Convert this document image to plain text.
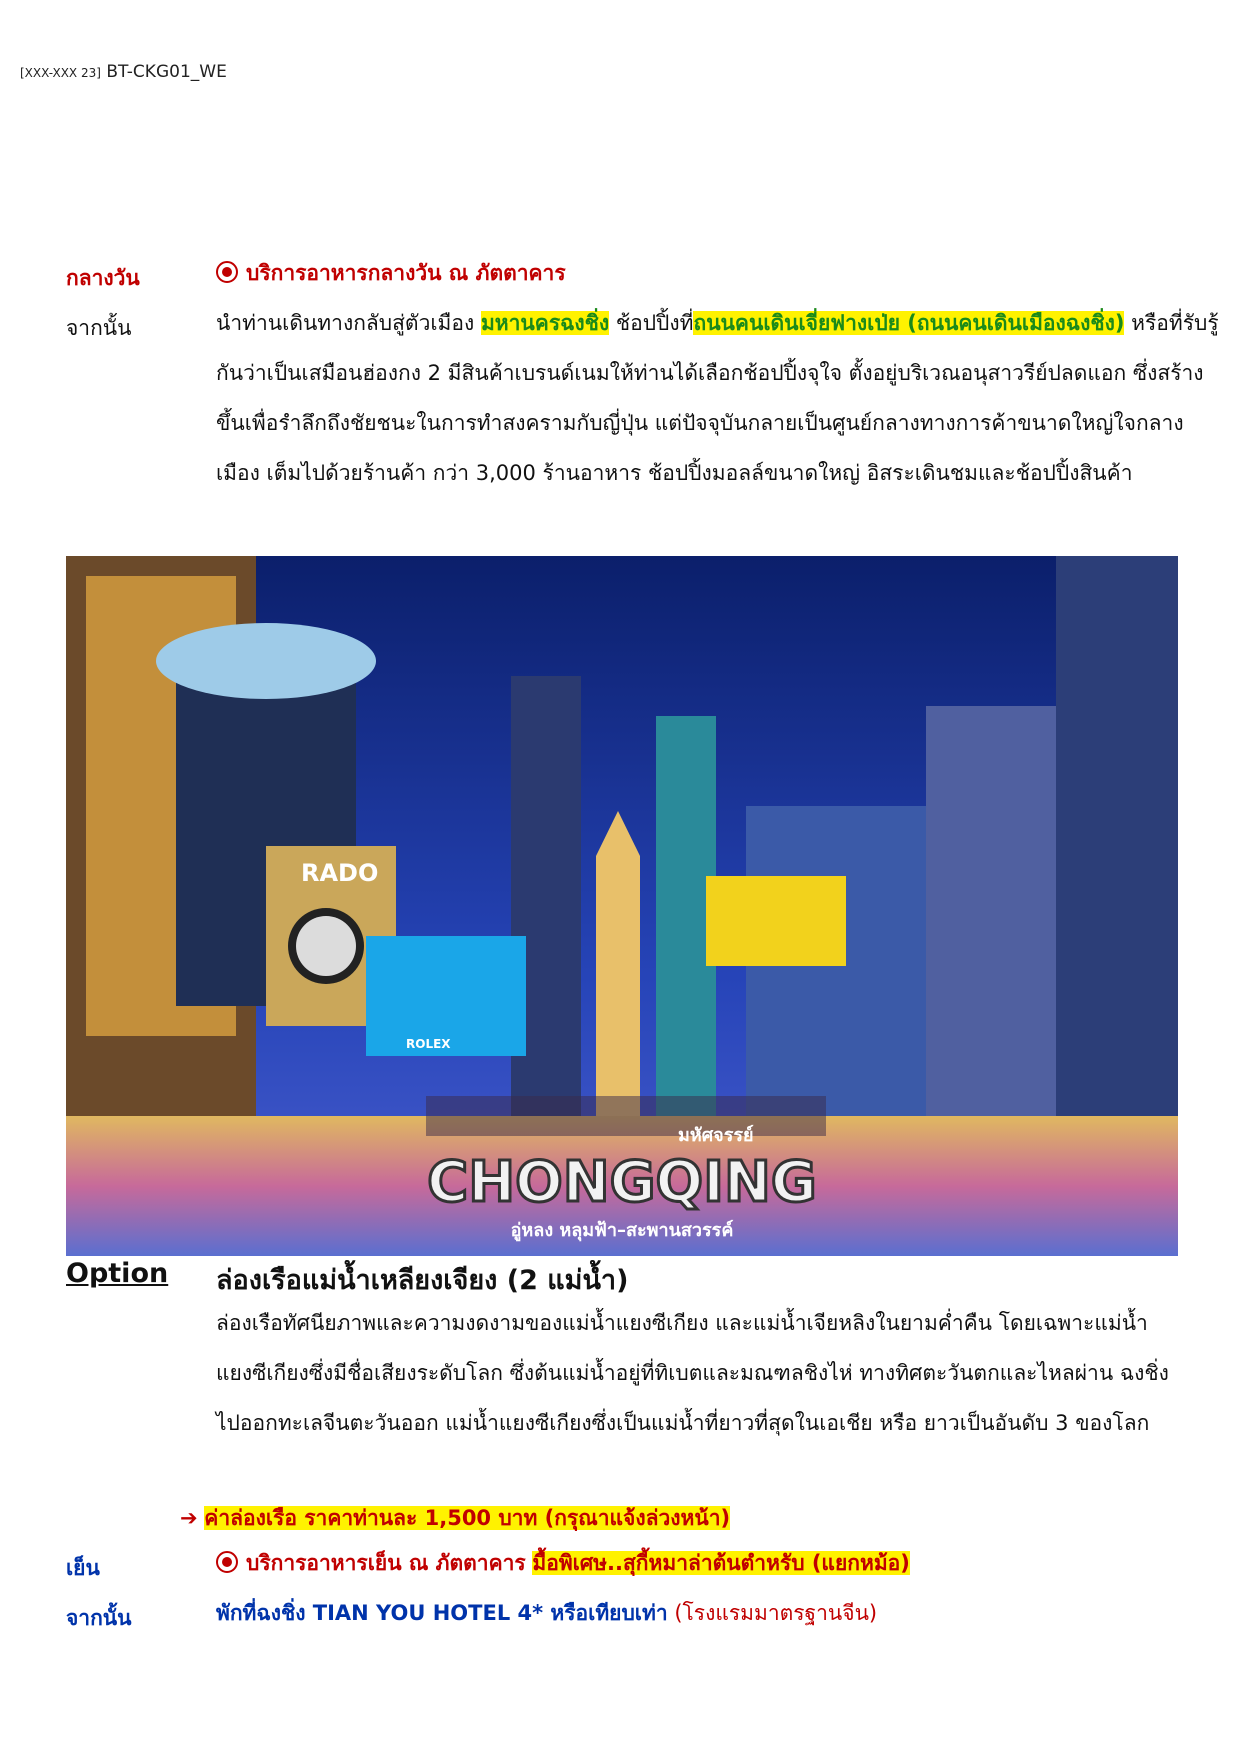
[XXX-XXX 23] BT-CKG01_WE
กลางวัน	บริการอาหารกลางวัน ณ ภัตตาคาร
จากนั้น	นำท่านเดินทางกลับสู่ตัวเมือง มหานครฉงชิ่ง ช้อปปิ้งที่ถนนคนเดินเจี่ยฟางเป่ย (ถนนคนเดินเมืองฉงชิ่ง) หรือที่รับรู้กันว่าเป็นเสมือนฮ่องกง 2 มีสินค้าเบรนด์เนมให้ท่านได้เลือกช้อปปิ้งจุใจ ตั้งอยู่บริเวณอนุสาวรีย์ปลดแอก ซึ่งสร้างขึ้นเพื่อรำลึกถึงชัยชนะในการทำสงครามกับญี่ปุ่น แต่ปัจจุบันกลายเป็นศูนย์กลางทางการค้าขนาดใหญ่ใจกลางเมือง เต็มไปด้วยร้านค้า กว่า 3,000 ร้านอาหาร ช้อปปิ้งมอลล์ขนาดใหญ่ อิสระเดินชมและช้อปปิ้งสินค้า
RADO
ROLEX
มหัศจรรย์
CHONGQING
อู่หลง หลุมฟ้า–สะพานสวรรค์
Option ล่องเรือแม่น้ำเหลียงเจียง (2 แม่น้ำ)
ล่องเรือทัศนียภาพและความงดงามของแม่น้ำแยงซีเกียง และแม่น้ำเจียหลิงในยามค่ำคืน โดยเฉพาะแม่น้ำแยงซีเกียงซึ่งมีชื่อเสียงระดับโลก ซึ่งต้นแม่น้ำอยู่ที่ทิเบตและมณฑลชิงไห่ ทางทิศตะวันตกและไหลผ่าน ฉงชิ่งไปออกทะเลจีนตะวันออก แม่น้ำแยงซีเกียงซึ่งเป็นแม่น้ำที่ยาวที่สุดในเอเชีย หรือ ยาวเป็นอันดับ 3 ของโลก
➔ ค่าล่องเรือ ราคาท่านละ 1,500 บาท (กรุณาแจ้งล่วงหน้า)
เย็น	บริการอาหารเย็น ณ ภัตตาคาร มื้อพิเศษ..สุกี้หมาล่าต้นตำหรับ (แยกหม้อ)
จากนั้น	พักที่ฉงชิ่ง TIAN YOU HOTEL 4* หรือเทียบเท่า (โรงแรมมาตรฐานจีน)
